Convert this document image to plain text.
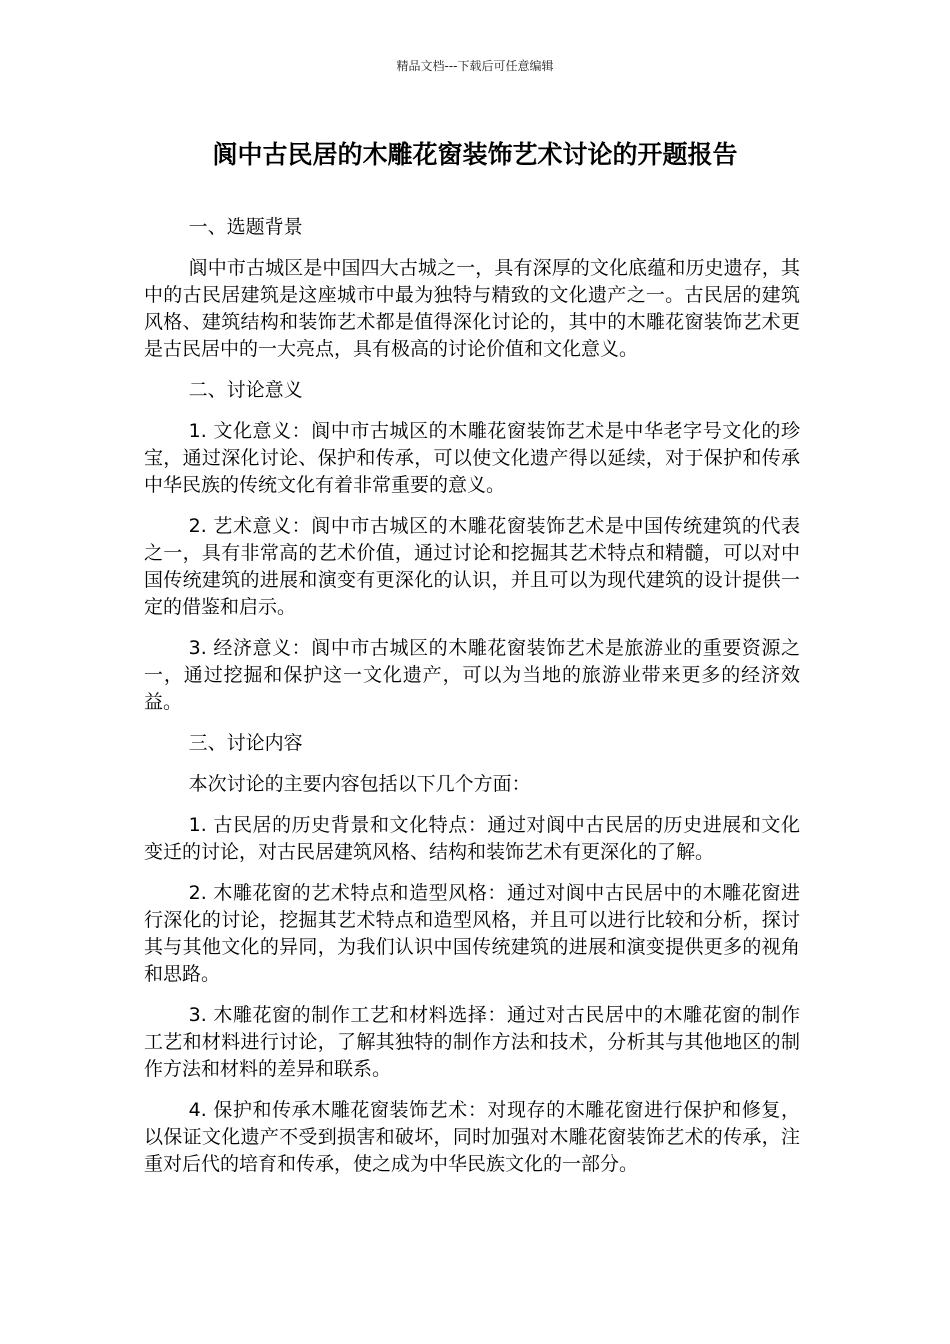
精品文档---下载后可任意编辑
阆中古民居的木雕花窗装饰艺术讨论的开题报告

一、选题背景

阆中市古城区是中国四大古城之一，具有深厚的文化底蕴和历史遗存，其中的古民居建筑是这座城市中最为独特与精致的文化遗产之一。古民居的建筑风格、建筑结构和装饰艺术都是值得深化讨论的，其中的木雕花窗装饰艺术更是古民居中的一大亮点，具有极高的讨论价值和文化意义。

二、讨论意义

1. 文化意义：阆中市古城区的木雕花窗装饰艺术是中华老字号文化的珍宝，通过深化讨论、保护和传承，可以使文化遗产得以延续，对于保护和传承中华民族的传统文化有着非常重要的意义。

2. 艺术意义：阆中市古城区的木雕花窗装饰艺术是中国传统建筑的代表之一，具有非常高的艺术价值，通过讨论和挖掘其艺术特点和精髓，可以对中国传统建筑的进展和演变有更深化的认识，并且可以为现代建筑的设计提供一定的借鉴和启示。

3. 经济意义：阆中市古城区的木雕花窗装饰艺术是旅游业的重要资源之一，通过挖掘和保护这一文化遗产，可以为当地的旅游业带来更多的经济效益。

三、讨论内容

本次讨论的主要内容包括以下几个方面：

1. 古民居的历史背景和文化特点：通过对阆中古民居的历史进展和文化变迁的讨论，对古民居建筑风格、结构和装饰艺术有更深化的了解。

2. 木雕花窗的艺术特点和造型风格：通过对阆中古民居中的木雕花窗进行深化的讨论，挖掘其艺术特点和造型风格，并且可以进行比较和分析，探讨其与其他文化的异同，为我们认识中国传统建筑的进展和演变提供更多的视角和思路。

3. 木雕花窗的制作工艺和材料选择：通过对古民居中的木雕花窗的制作工艺和材料进行讨论，了解其独特的制作方法和技术，分析其与其他地区的制作方法和材料的差异和联系。

4. 保护和传承木雕花窗装饰艺术：对现存的木雕花窗进行保护和修复，以保证文化遗产不受到损害和破坏，同时加强对木雕花窗装饰艺术的传承，注重对后代的培育和传承，使之成为中华民族文化的一部分。
